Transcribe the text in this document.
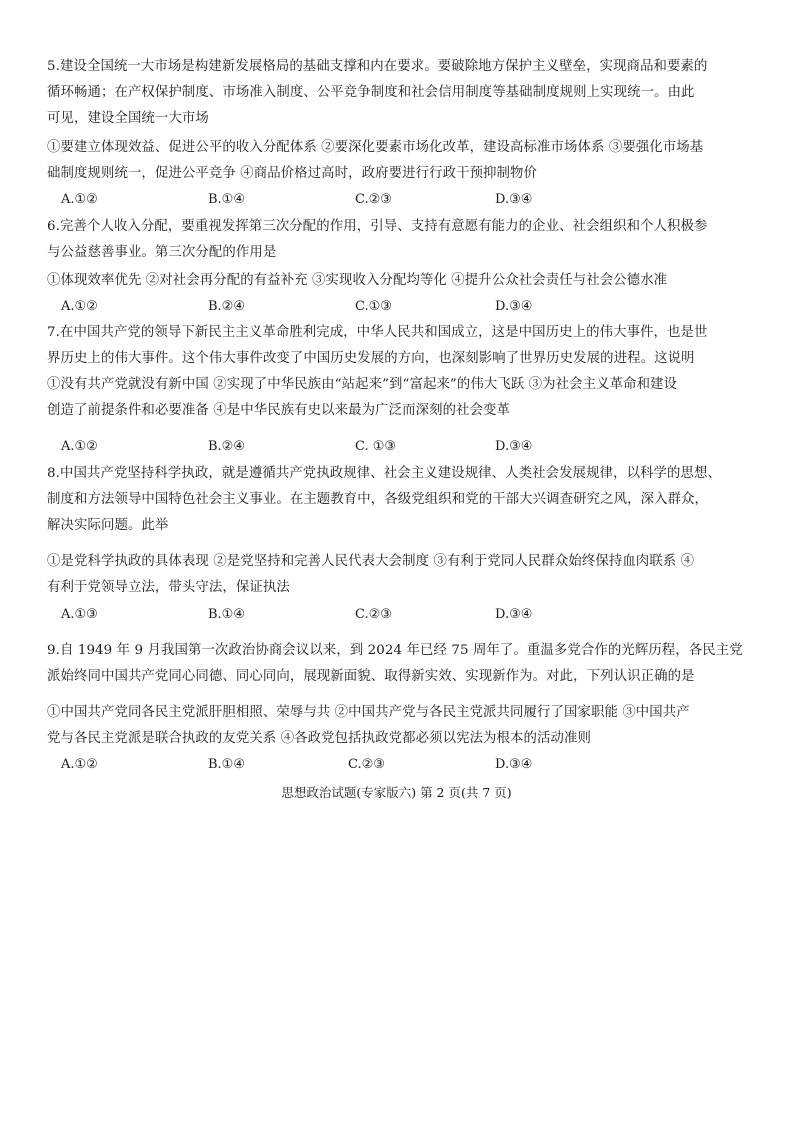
5.建设全国统一大市场是构建新发展格局的基础支撑和内在要求。要破除地方保护主义壁垒，实现商品和要素的
循环畅通；在产权保护制度、市场准入制度、公平竞争制度和社会信用制度等基础制度规则上实现统一。由此
可见，建设全国统一大市场
①要建立体现效益、促进公平的收入分配体系 ②要深化要素市场化改革，建设高标准市场体系 ③要强化市场基
础制度规则统一，促进公平竞争 ④商品价格过高时，政府要进行行政干预抑制物价
A.①②	B.①④	C.②③	D.③④
6.完善个人收入分配，要重视发挥第三次分配的作用，引导、支持有意愿有能力的企业、社会组织和个人积极参
与公益慈善事业。第三次分配的作用是
①体现效率优先 ②对社会再分配的有益补充 ③实现收入分配均等化 ④提升公众社会责任与社会公德水准
A.①②	B.②④	C.①③	D.③④
7.在中国共产党的领导下新民主主义革命胜利完成，中华人民共和国成立，这是中国历史上的伟大事件，也是世
界历史上的伟大事件。这个伟大事件改变了中国历史发展的方向，也深刻影响了世界历史发展的进程。这说明
①没有共产党就没有新中国 ②实现了中华民族由“站起来”到“富起来”的伟大飞跃 ③为社会主义革命和建设
创造了前提条件和必要准备 ④是中华民族有史以来最为广泛而深刻的社会变革
A.①②	B.②④	C. ①③	D.③④
8.中国共产党坚持科学执政，就是遵循共产党执政规律、社会主义建设规律、人类社会发展规律，以科学的思想、
制度和方法领导中国特色社会主义事业。在主题教育中，各级党组织和党的干部大兴调查研究之风，深入群众，
解决实际问题。此举
①是党科学执政的具体表现 ②是党坚持和完善人民代表大会制度 ③有利于党同人民群众始终保持血肉联系 ④
有利于党领导立法，带头守法，保证执法
A.①③	B.①④	C.②③	D.③④
9.自 1949 年 9 月我国第一次政治协商会议以来，到 2024 年已经 75 周年了。重温多党合作的光辉历程，各民主党
派始终同中国共产党同心同德、同心同向，展现新面貌、取得新实效、实现新作为。对此，下列认识正确的是
①中国共产党同各民主党派肝胆相照、荣辱与共 ②中国共产党与各民主党派共同履行了国家职能 ③中国共产
党与各民主党派是联合执政的友党关系 ④各政党包括执政党都必须以宪法为根本的活动准则
A.①②	B.①④	C.②③	D.③④
思想政治试题(专家版六) 第 2 页(共 7 页)
